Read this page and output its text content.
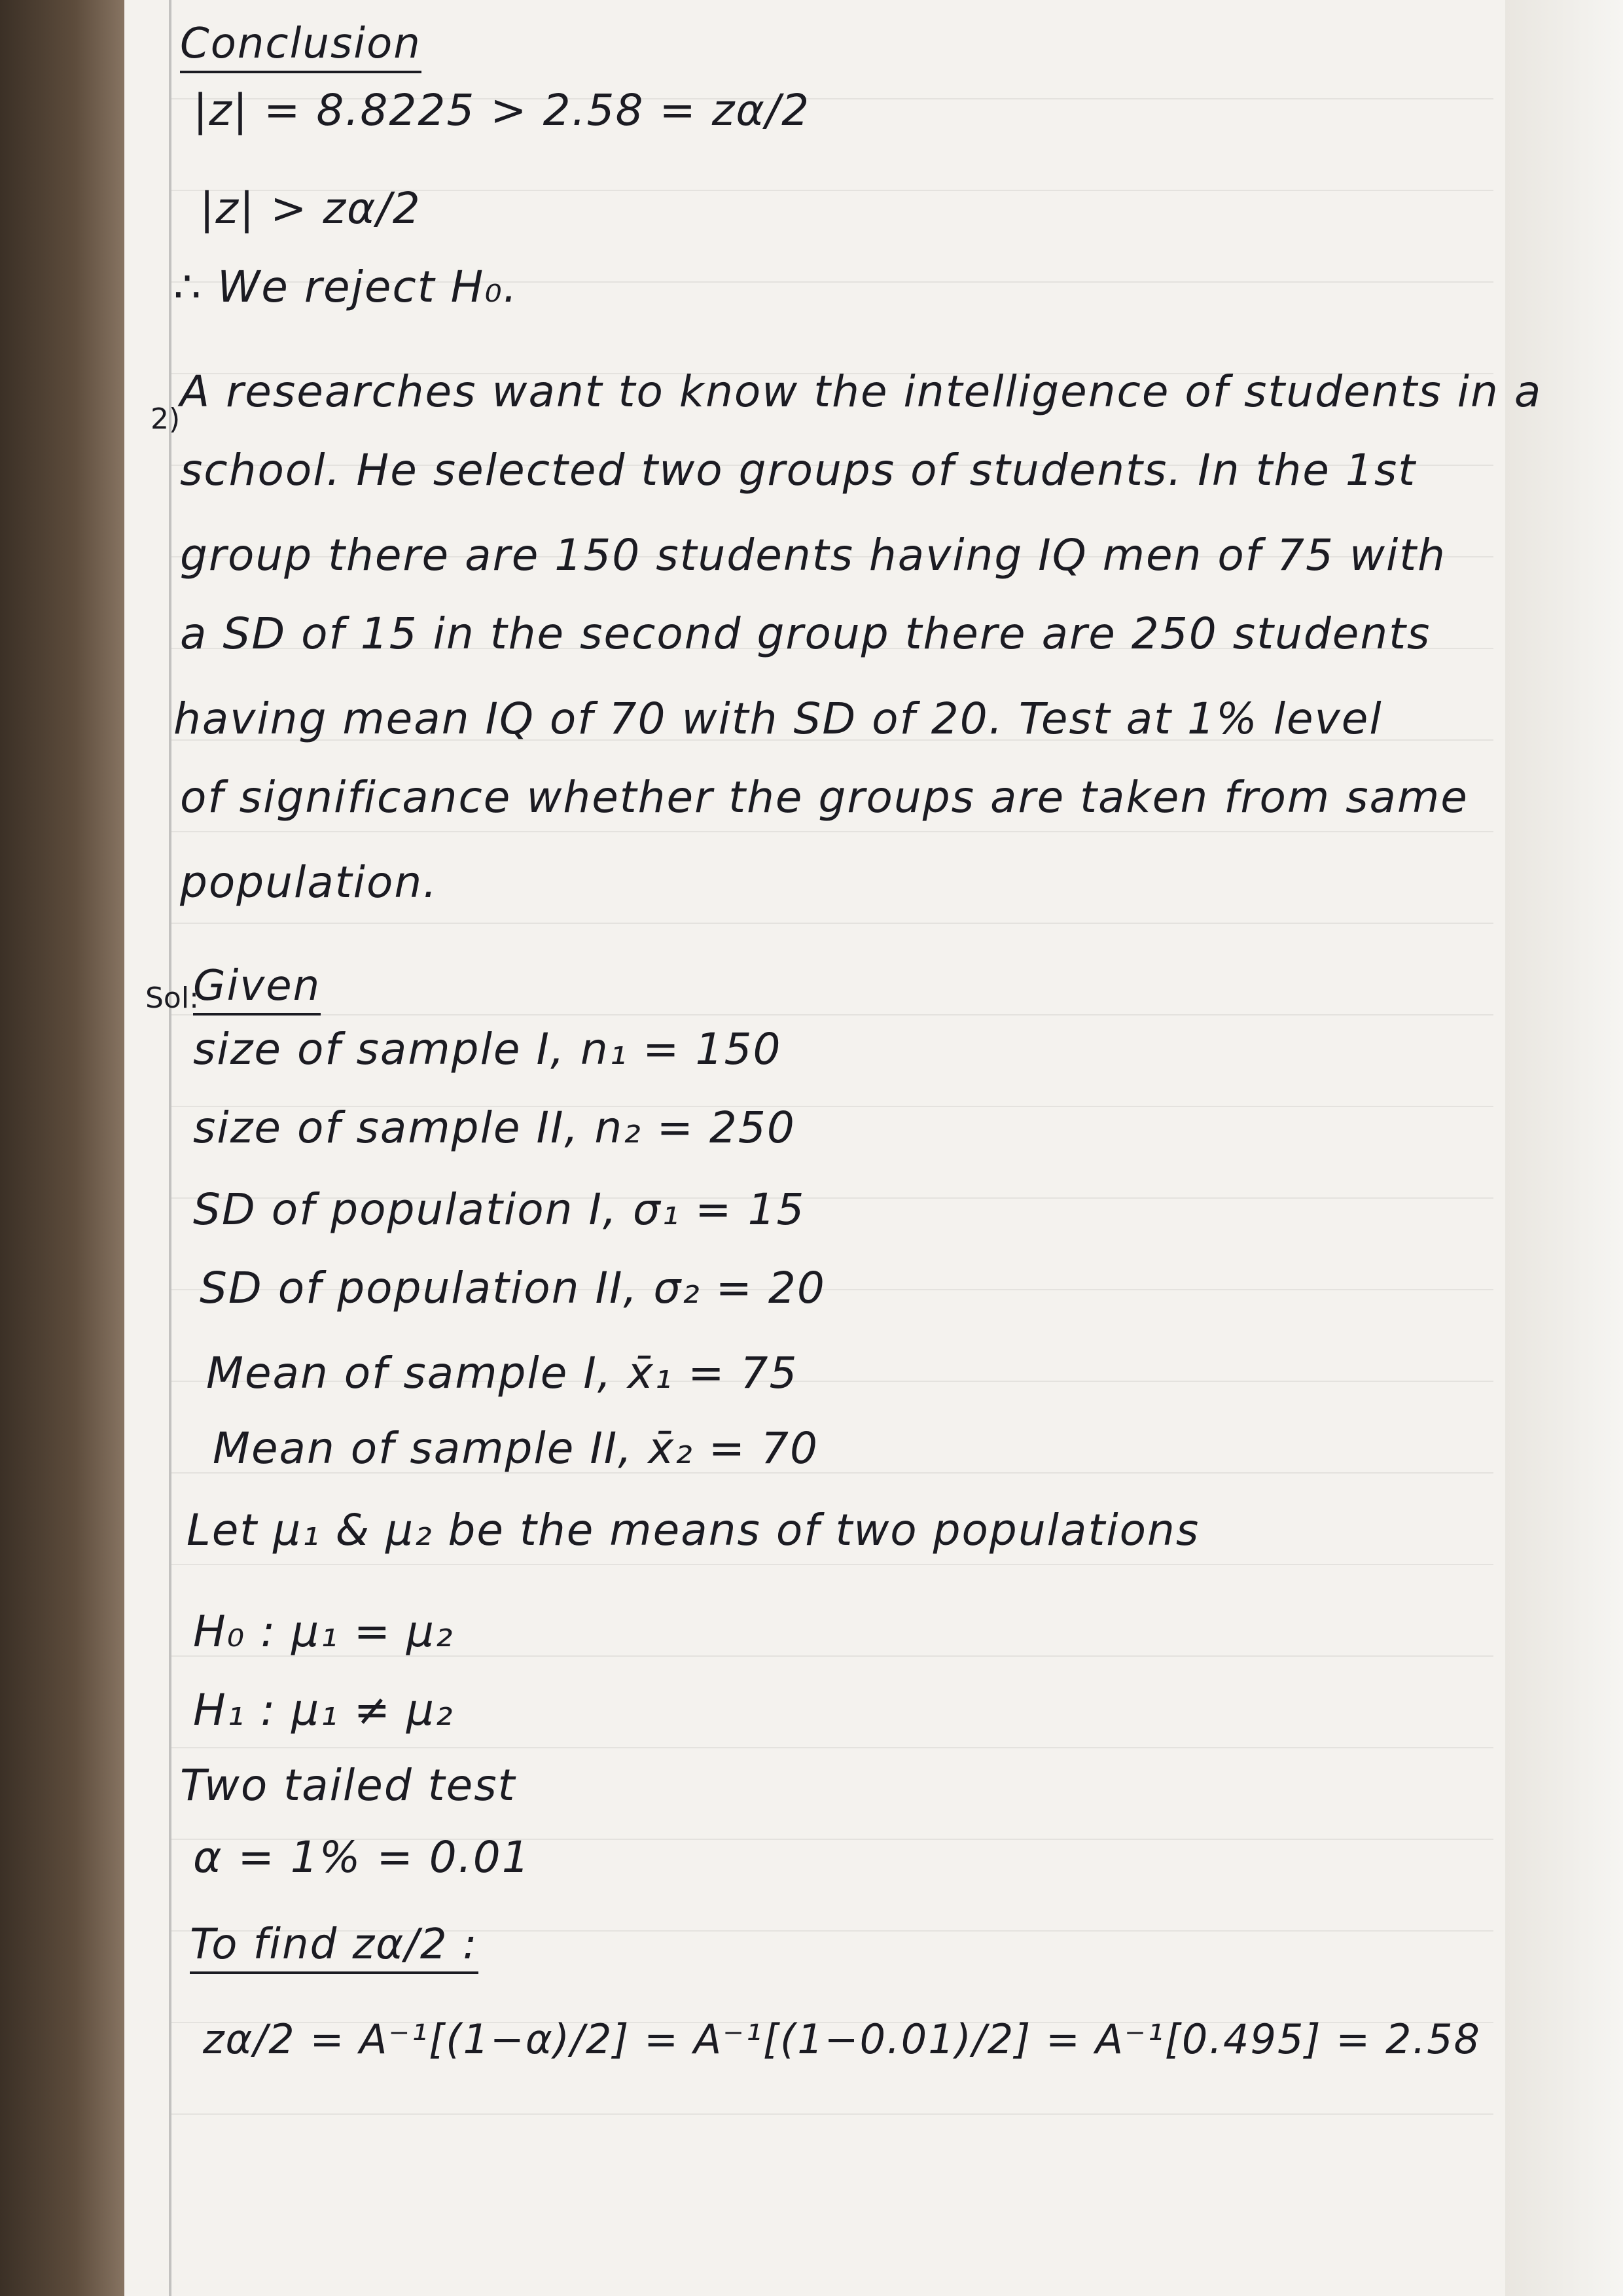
Conclusion
|z| = 8.8225 > 2.58 = zα/2
|z| > zα/2
∴ We reject H₀.
2)
A researches want to know the intelligence of students in a
school. He selected two groups of students. In the 1st
group there are 150 students having IQ men of 75 with
a SD of 15 in the second group there are 250 students
having mean IQ of 70 with SD of 20. Test at 1% level
of significance whether the groups are taken from same
population.
Sol:
Given
size of sample I, n₁ = 150
size of sample II, n₂ = 250
SD of population I, σ₁ = 15
SD of population II, σ₂ = 20
Mean of sample I, x̄₁ = 75
Mean of sample II, x̄₂ = 70
Let μ₁ & μ₂ be the means of two populations
H₀ : μ₁ = μ₂
H₁ : μ₁ ≠ μ₂
Two tailed test
α = 1% = 0.01
To find zα/2 :
zα/2 = A⁻¹[(1−α)/2] = A⁻¹[(1−0.01)/2] = A⁻¹[0.495] = 2.58
